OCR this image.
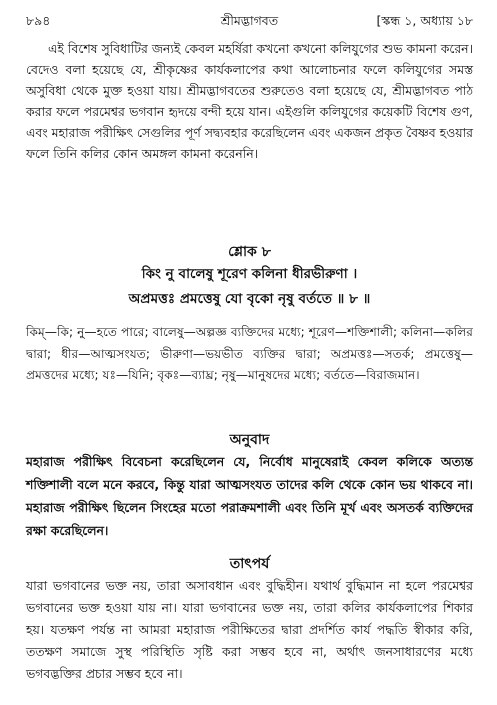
৮৯৪	শ্রীমদ্ভাগবত	[স্কন্ধ ১, অধ্যায় ১৮

এই বিশেষ সুবিধাটির জন্যই কেবল মহর্ষিরা কখনো কখনো কলিযুগের শুভ কামনা করেন। বেদেও বলা হয়েছে যে, শ্রীকৃষ্ণের কার্যকলাপের কথা আলোচনার ফলে কলিযুগের সমস্ত অসুবিধা থেকে মুক্ত হওয়া যায়। শ্রীমদ্ভাগবতের শুরুতেও বলা হয়েছে যে, শ্রীমদ্ভাগবত পাঠ করার ফলে পরমেশ্বর ভগবান হৃদয়ে বন্দী হয়ে যান। এইগুলি কলিযুগের কয়েকটি বিশেষ গুণ, এবং মহারাজ পরীক্ষিৎ সেগুলির পূর্ণ সদ্ব্যবহার করেছিলেন এবং একজন প্রকৃত বৈষ্ণব হওয়ার ফলে তিনি কলির কোন অমঙ্গল কামনা করেননি।

শ্লোক ৮
কিং নু বালেষু শূরেণ কলিনা ধীরভীরুণা ।
অপ্রমত্তঃ প্রমত্তেষু যো বৃকো নৃষু বর্ততে ॥ ৮ ॥

কিম্—কি; নু—হতে পারে; বালেষু—অল্পজ্ঞ ব্যক্তিদের মধ্যে; শূরেণ—শক্তিশালী; কলিনা—কলির দ্বারা; ধীর—আত্মসংযত; ভীরুণা—ভয়ভীত ব্যক্তির দ্বারা; অপ্রমত্তঃ—সতর্ক; প্রমত্তেষু—প্রমত্তদের মধ্যে; যঃ—যিনি; বৃকঃ—ব্যাঘ্র; নৃষু—মানুষদের মধ্যে; বর্ততে—বিরাজমান।

অনুবাদ

মহারাজ পরীক্ষিৎ বিবেচনা করেছিলেন যে, নির্বোধ মানুষেরাই কেবল কলিকে অত্যন্ত শক্তিশালী বলে মনে করবে, কিন্তু যারা আত্মসংযত তাদের কলি থেকে কোন ভয় থাকবে না। মহারাজ পরীক্ষিৎ ছিলেন সিংহের মতো পরাক্রমশালী এবং তিনি মূর্খ এবং অসতর্ক ব্যক্তিদের রক্ষা করেছিলেন।

তাৎপর্য

যারা ভগবানের ভক্ত নয়, তারা অসাবধান এবং বুদ্ধিহীন। যথার্থ বুদ্ধিমান না হলে পরমেশ্বর ভগবানের ভক্ত হওয়া যায় না। যারা ভগবানের ভক্ত নয়, তারা কলির কার্যকলাপের শিকার হয়। যতক্ষণ পর্যন্ত না আমরা মহারাজ পরীক্ষিতের দ্বারা প্রদর্শিত কার্য পদ্ধতি স্বীকার করি, ততক্ষণ সমাজে সুস্থ পরিস্থিতি সৃষ্টি করা সম্ভব হবে না, অর্থাৎ জনসাধারণের মধ্যে ভগবদ্ভক্তির প্রচার সম্ভব হবে না।
